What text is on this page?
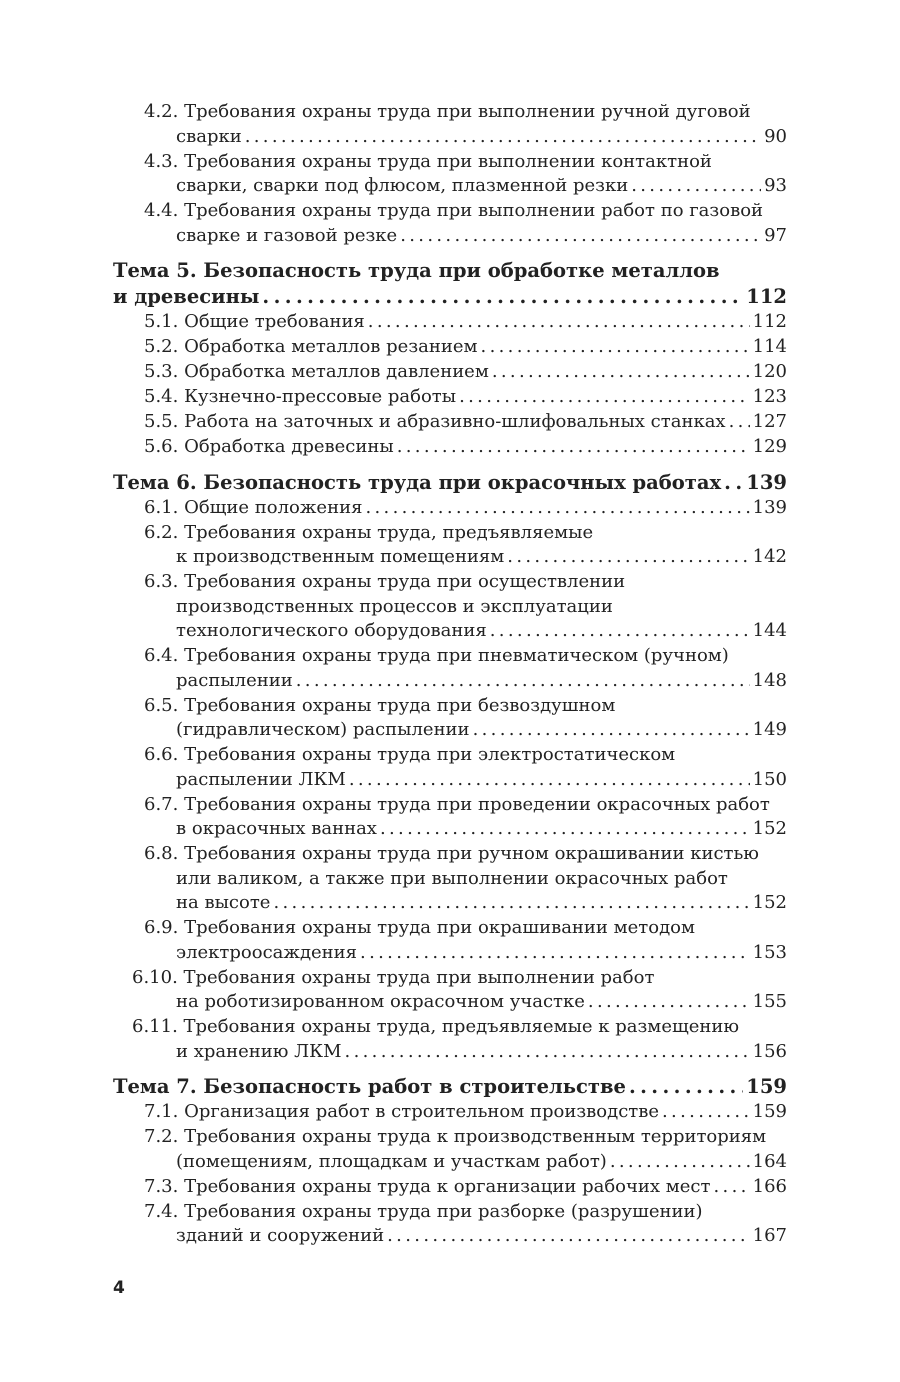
4.2. Требования охраны труда при выполнении ручной дуговой
сварки . . .	90
4.3. Требования охраны труда при выполнении контактной
сварки, сварки под флюсом, плазменной резки . . .	93
4.4. Требования охраны труда при выполнении работ по газовой
сварке и газовой резке . . .	97
Тема 5. Безопасность труда при обработке металлов
и древесины . . .	112
5.1. Общие требования . . .	112
5.2. Обработка металлов резанием . . .	114
5.3. Обработка металлов давлением . . .	120
5.4. Кузнечно-прессовые работы . . .	123
5.5. Работа на заточных и абразивно-шлифовальных станках . . . 127
5.6. Обработка древесины . . .	129
Тема 6. Безопасность труда при окрасочных работах . . . 139
6.1. Общие положения . . .	139
6.2. Требования охраны труда, предъявляемые
к производственным помещениям . . .	142
6.3. Требования охраны труда при осуществлении
производственных процессов и эксплуатации
технологического оборудования . . .	144
6.4. Требования охраны труда при пневматическом (ручном)
распылении . . .	148
6.5. Требования охраны труда при безвоздушном
(гидравлическом) распылении . . .	149
6.6. Требования охраны труда при электростатическом
распылении ЛКМ . . .	150
6.7. Требования охраны труда при проведении окрасочных работ
в окрасочных ваннах . . .	152
6.8. Требования охраны труда при ручном окрашивании кистью
или валиком, а также при выполнении окрасочных работ
на высоте . . .	152
6.9. Требования охраны труда при окрашивании методом
электроосаждения . . .	153
6.10. Требования охраны труда при выполнении работ
на роботизированном окрасочном участке . . .	155
6.11. Требования охраны труда, предъявляемые к размещению
и хранению ЛКМ . . .	156
Тема 7. Безопасность работ в строительстве . . .	159
7.1. Организация работ в строительном производстве . . .	159
7.2. Требования охраны труда к производственным территориям
(помещениям, площадкам и участкам работ) . . .	164
7.3. Требования охраны труда к организации рабочих мест . . . 166
7.4. Требования охраны труда при разборке (разрушении)
зданий и сооружений . . .	167
4
